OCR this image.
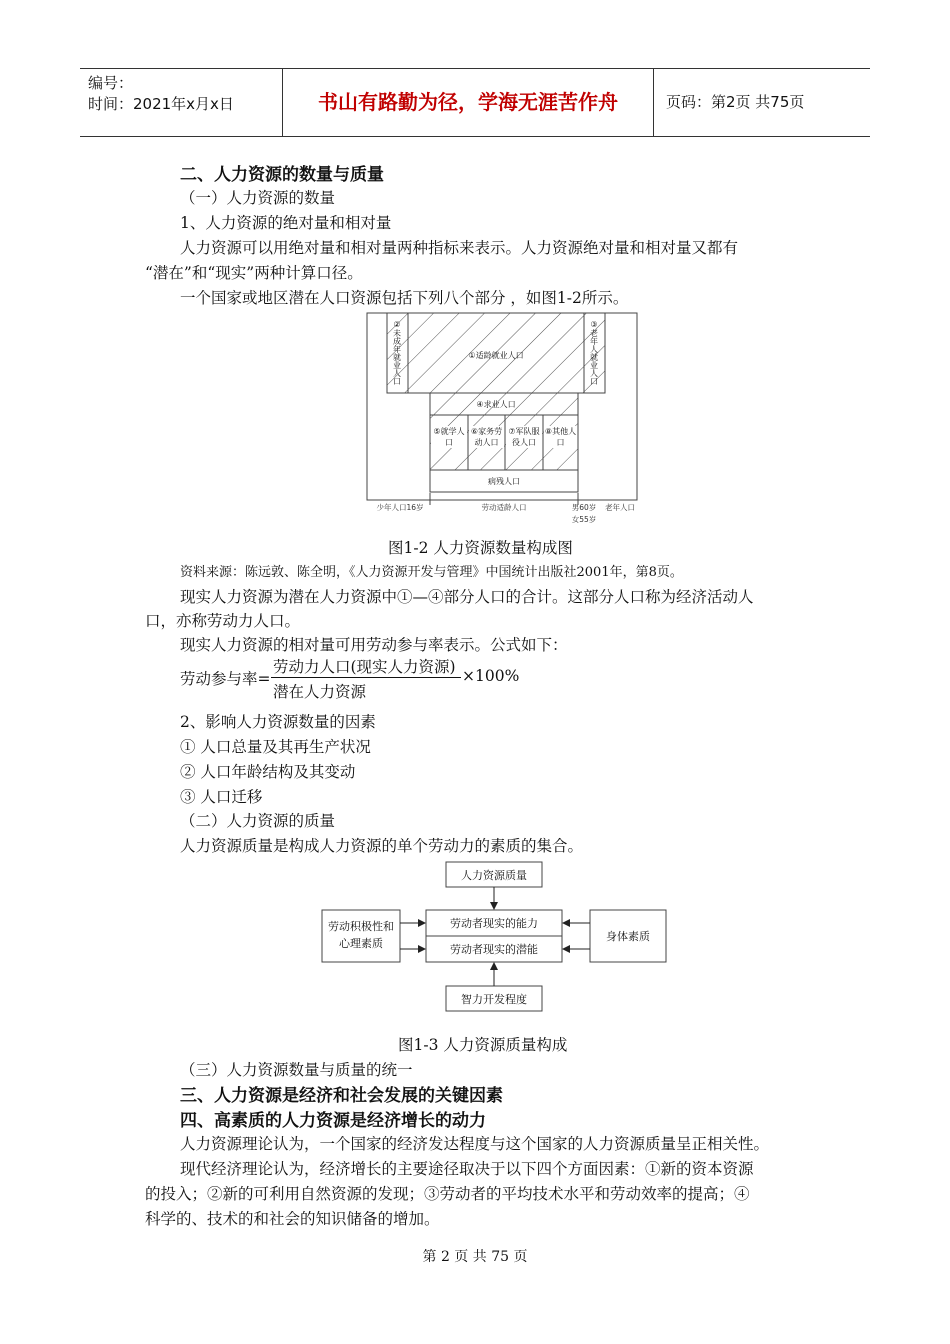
编号：
时间：2021年x月x日	书山有路勤为径，学海无涯苦作舟	页码：第2页 共75页
二、人力资源的数量与质量
（一）人力资源的数量
1、人力资源的绝对量和相对量
人力资源可以用绝对量和相对量两种指标来表示。人力资源绝对量和相对量又都有
“潜在”和“现实”两种计算口径。
一个国家或地区潜在人口资源包括下列八个部分 ，如图1-2所示。
②未成年就业人口	①适龄就业人口	③老年人就业人口
④求业人口
⑤就学人口
⑥家务劳动人口
⑦军队服役人口
⑧其他人口
病残人口
少年人口16岁	劳动适龄人口	男60岁
女55岁
老年人口
图1-2 人力资源数量构成图
资料来源：陈远敦、陈全明，《人力资源开发与管理》中国统计出版社2001年，第8页。
现实人力资源为潜在人力资源中①—④部分人口的合计。这部分人口称为经济活动人
口，亦称劳动力人口。
现实人力资源的相对量可用劳动参与率表示。公式如下：
劳动参与率=
劳动力人口(现实人力资源)
潜在人力资源
×100%
2、影响人力资源数量的因素
① 人口总量及其再生产状况
② 人口年龄结构及其变动
③ 人口迁移
（二）人力资源的质量
人力资源质量是构成人力资源的单个劳动力的素质的集合。
人力资源质量
劳动者现实的能力
劳动者现实的潜能
身体素质
智力开发程度
劳动积极性和心理素质
图1-3 人力资源质量构成
（三）人力资源数量与质量的统一
三、人力资源是经济和社会发展的关键因素
四、高素质的人力资源是经济增长的动力
人力资源理论认为，一个国家的经济发达程度与这个国家的人力资源质量呈正相关性。
现代经济理论认为，经济增长的主要途径取决于以下四个方面因素：①新的资本资源
的投入；②新的可利用自然资源的发现；③劳动者的平均技术水平和劳动效率的提高；④
科学的、技术的和社会的知识储备的增加。
第 2 页 共 75 页
